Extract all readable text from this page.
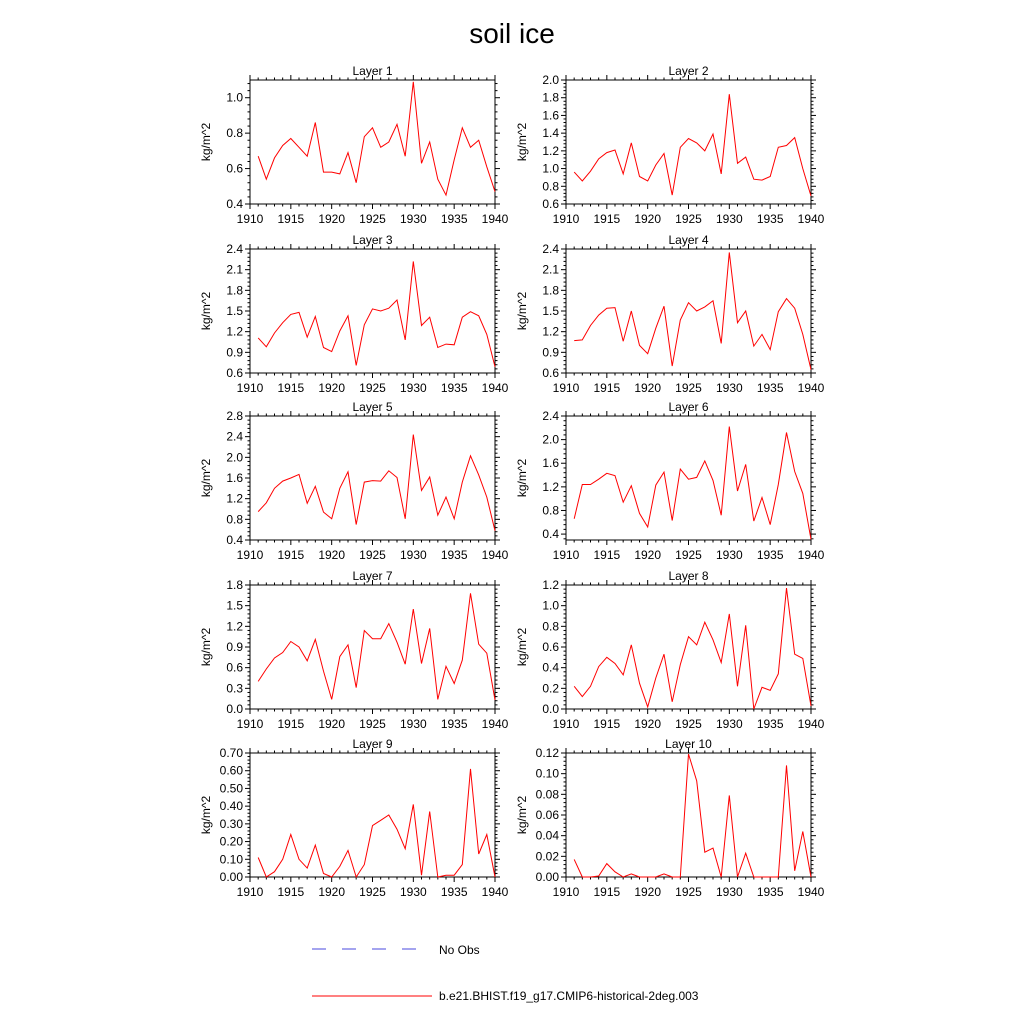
soil ice
Layer 1
kg/m^2
1910 1915 1920 1925 1930 1935 1940
0.4
0.6
0.8
1.0
Layer 2
kg/m^2
1910 1915 1920 1925 1930 1935 1940
0.6
0.8
1.0
1.2
1.4
1.6
1.8
2.0
Layer 3
kg/m^2
1910 1915 1920 1925 1930 1935 1940
0.6
0.9
1.2
1.5
1.8
2.1
2.4
Layer 4
kg/m^2
1910 1915 1920 1925 1930 1935 1940
0.6
0.9
1.2
1.5
1.8
2.1
2.4
Layer 5
kg/m^2
1910 1915 1920 1925 1930 1935 1940
0.4
0.8
1.2
1.6
2.0
2.4
2.8
Layer 6
kg/m^2
1910 1915 1920 1925 1930 1935 1940
0.4
0.8
1.2
1.6
2.0
2.4
Layer 7
kg/m^2
1910 1915 1920 1925 1930 1935 1940
0.0
0.3
0.6
0.9
1.2
1.5
1.8
Layer 8
kg/m^2
1910 1915 1920 1925 1930 1935 1940
0.0
0.2
0.4
0.6
0.8
1.0
1.2
Layer 9
kg/m^2
1910 1915 1920 1925 1930 1935 1940
0.00
0.10
0.20
0.30
0.40
0.50
0.60
0.70
Layer 10
kg/m^2
1910 1915 1920 1925 1930 1935 1940
0.00
0.02
0.04
0.06
0.08
0.10
0.12
No Obs
b.e21.BHIST.f19_g17.CMIP6-historical-2deg.003
